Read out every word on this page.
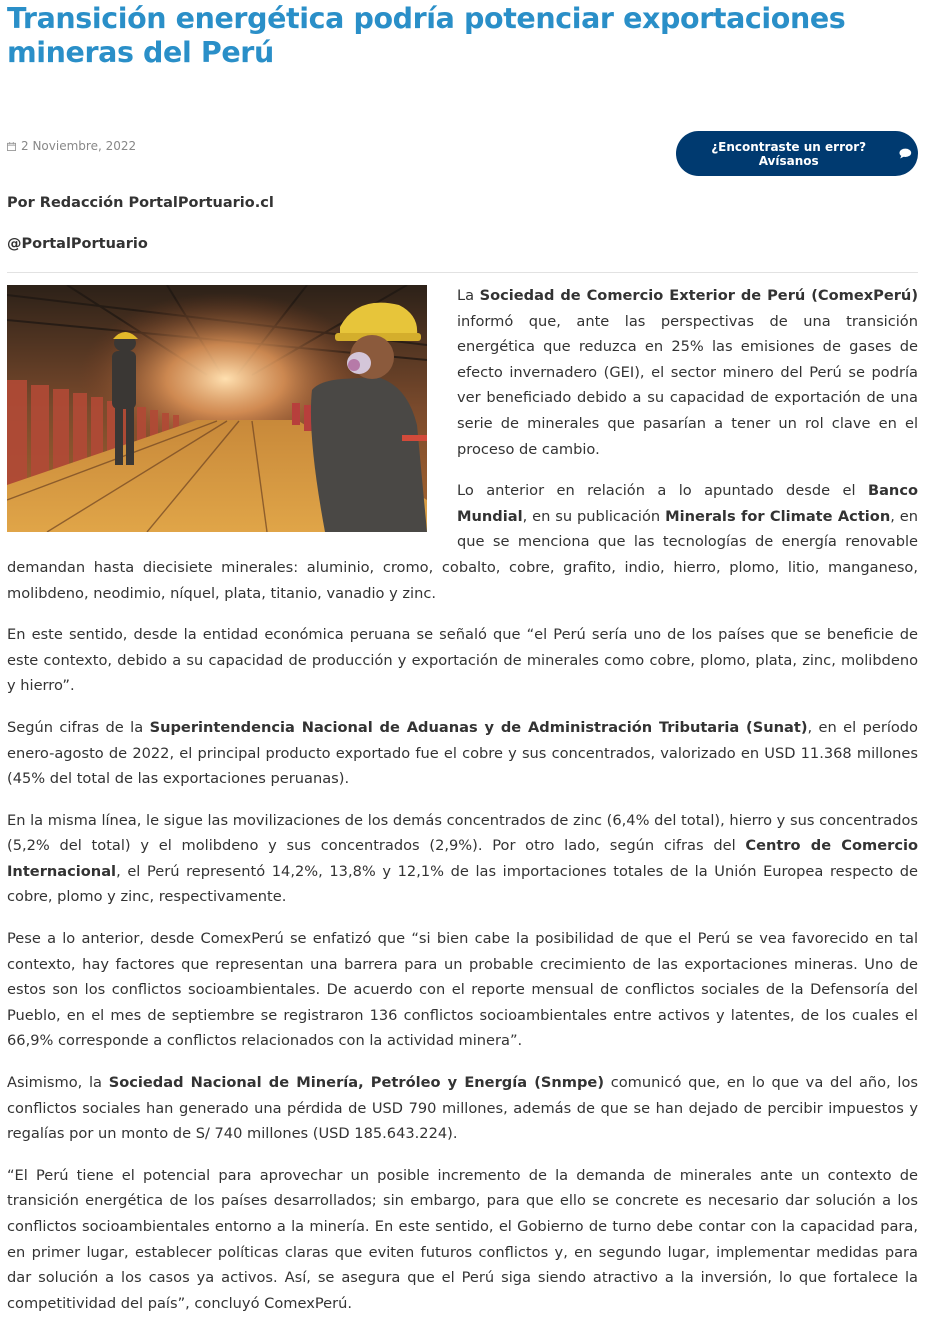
Transición energética podría potenciar exportaciones mineras del Perú
2 Noviembre, 2022	¿Encontraste un error? Avísanos
Por Redacción PortalPortuario.cl
@PortalPortuario

La Sociedad de Comercio Exterior de Perú (ComexPerú) informó que, ante las perspectivas de una transición energética que reduzca en 25% las emisiones de gases de efecto invernadero (GEI), el sector minero del Perú se podría ver beneficiado debido a su capacidad de exportación de una serie de minerales que pasarían a tener un rol clave en el proceso de cambio.

Lo anterior en relación a lo apuntado desde el Banco Mundial, en su publicación Minerals for Climate Action, en que se menciona que las tecnologías de energía renovable demandan hasta diecisiete minerales: aluminio, cromo, cobalto, cobre, grafito, indio, hierro, plomo, litio, manganeso, molibdeno, neodimio, níquel, plata, titanio, vanadio y zinc.

En este sentido, desde la entidad económica peruana se señaló que “el Perú sería uno de los países que se beneficie de este contexto, debido a su capacidad de producción y exportación de minerales como cobre, plomo, plata, zinc, molibdeno y hierro”.

Según cifras de la Superintendencia Nacional de Aduanas y de Administración Tributaria (Sunat), en el período enero-agosto de 2022, el principal producto exportado fue el cobre y sus concentrados, valorizado en USD 11.368 millones (45% del total de las exportaciones peruanas).

En la misma línea, le sigue las movilizaciones de los demás concentrados de zinc (6,4% del total), hierro y sus concentrados (5,2% del total) y el molibdeno y sus concentrados (2,9%). Por otro lado, según cifras del Centro de Comercio Internacional, el Perú representó 14,2%, 13,8% y 12,1% de las importaciones totales de la Unión Europea respecto de cobre, plomo y zinc, respectivamente.

Pese a lo anterior, desde ComexPerú se enfatizó que “si bien cabe la posibilidad de que el Perú se vea favorecido en tal contexto, hay factores que representan una barrera para un probable crecimiento de las exportaciones mineras. Uno de estos son los conflictos socioambientales. De acuerdo con el reporte mensual de conflictos sociales de la Defensoría del Pueblo, en el mes de septiembre se registraron 136 conflictos socioambientales entre activos y latentes, de los cuales el 66,9% corresponde a conflictos relacionados con la actividad minera”.

Asimismo, la Sociedad Nacional de Minería, Petróleo y Energía (Snmpe) comunicó que, en lo que va del año, los conflictos sociales han generado una pérdida de USD 790 millones, además de que se han dejado de percibir impuestos y regalías por un monto de S/ 740 millones (USD 185.643.224).

“El Perú tiene el potencial para aprovechar un posible incremento de la demanda de minerales ante un contexto de transición energética de los países desarrollados; sin embargo, para que ello se concrete es necesario dar solución a los conflictos socioambientales entorno a la minería. En este sentido, el Gobierno de turno debe contar con la capacidad para, en primer lugar, establecer políticas claras que eviten futuros conflictos y, en segundo lugar, implementar medidas para dar solución a los casos ya activos. Así, se asegura que el Perú siga siendo atractivo a la inversión, lo que fortalece la competitividad del país”, concluyó ComexPerú.
